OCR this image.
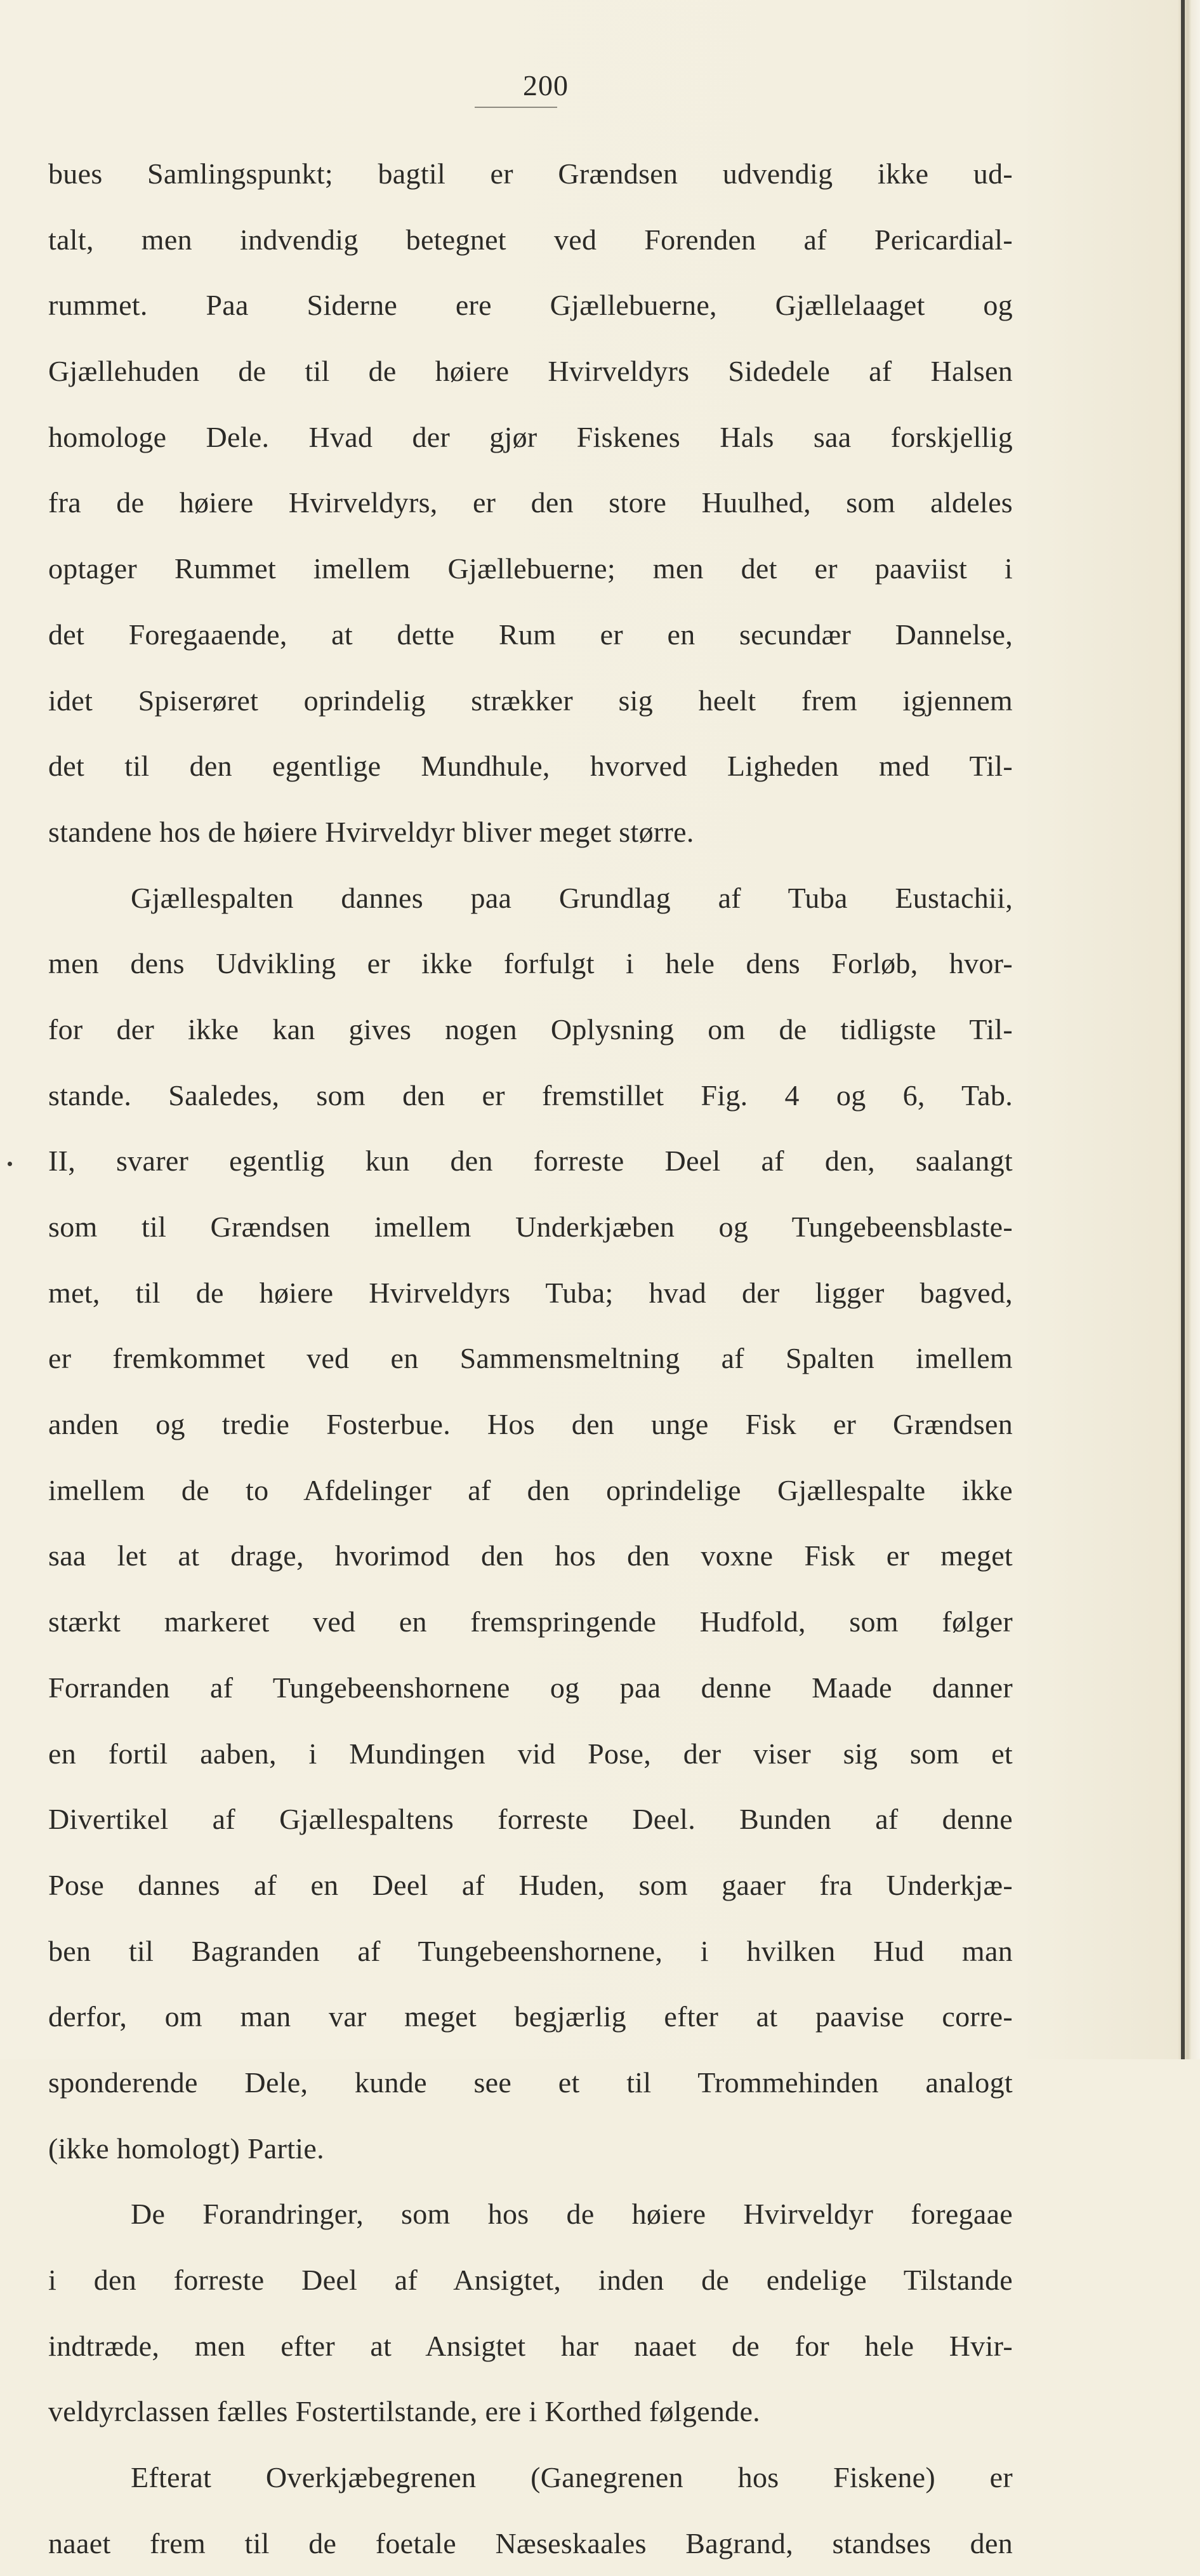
200
bues Samlingspunkt; bagtil er Grændsen udvendig ikke ud-
talt, men indvendig betegnet ved Forenden af Pericardial-
rummet. Paa Siderne ere Gjællebuerne, Gjællelaaget og
Gjællehuden de til de høiere Hvirveldyrs Sidedele af Halsen
homologe Dele. Hvad der gjør Fiskenes Hals saa forskjellig
fra de høiere Hvirveldyrs, er den store Huulhed, som aldeles
optager Rummet imellem Gjællebuerne; men det er paaviist i
det Foregaaende, at dette Rum er en secundær Dannelse,
idet Spiserøret oprindelig strækker sig heelt frem igjennem
det til den egentlige Mundhule, hvorved Ligheden med Til-
standene hos de høiere Hvirveldyr bliver meget større.
Gjællespalten dannes paa Grundlag af Tuba Eustachii,
men dens Udvikling er ikke forfulgt i hele dens Forløb, hvor-
for der ikke kan gives nogen Oplysning om de tidligste Til-
stande. Saaledes, som den er fremstillet Fig. 4 og 6, Tab.
II, svarer egentlig kun den forreste Deel af den, saalangt
som til Grændsen imellem Underkjæben og Tungebeensblaste-
met, til de høiere Hvirveldyrs Tuba; hvad der ligger bagved,
er fremkommet ved en Sammensmeltning af Spalten imellem
anden og tredie Fosterbue. Hos den unge Fisk er Grændsen
imellem de to Afdelinger af den oprindelige Gjællespalte ikke
saa let at drage, hvorimod den hos den voxne Fisk er meget
stærkt markeret ved en fremspringende Hudfold, som følger
Forranden af Tungebeenshornene og paa denne Maade danner
en fortil aaben, i Mundingen vid Pose, der viser sig som et
Divertikel af Gjællespaltens forreste Deel. Bunden af denne
Pose dannes af en Deel af Huden, som gaaer fra Underkjæ-
ben til Bagranden af Tungebeenshornene, i hvilken Hud man
derfor, om man var meget begjærlig efter at paavise corre-
sponderende Dele, kunde see et til Trommehinden analogt
(ikke homologt) Partie.
De Forandringer, som hos de høiere Hvirveldyr foregaae
i den forreste Deel af Ansigtet, inden de endelige Tilstande
indtræde, men efter at Ansigtet har naaet de for hele Hvir-
veldyrclassen fælles Fostertilstande, ere i Korthed følgende.
Efterat Overkjæbegrenen (Ganegrenen hos Fiskene) er
naaet frem til de foetale Næseskaales Bagrand, standses den
